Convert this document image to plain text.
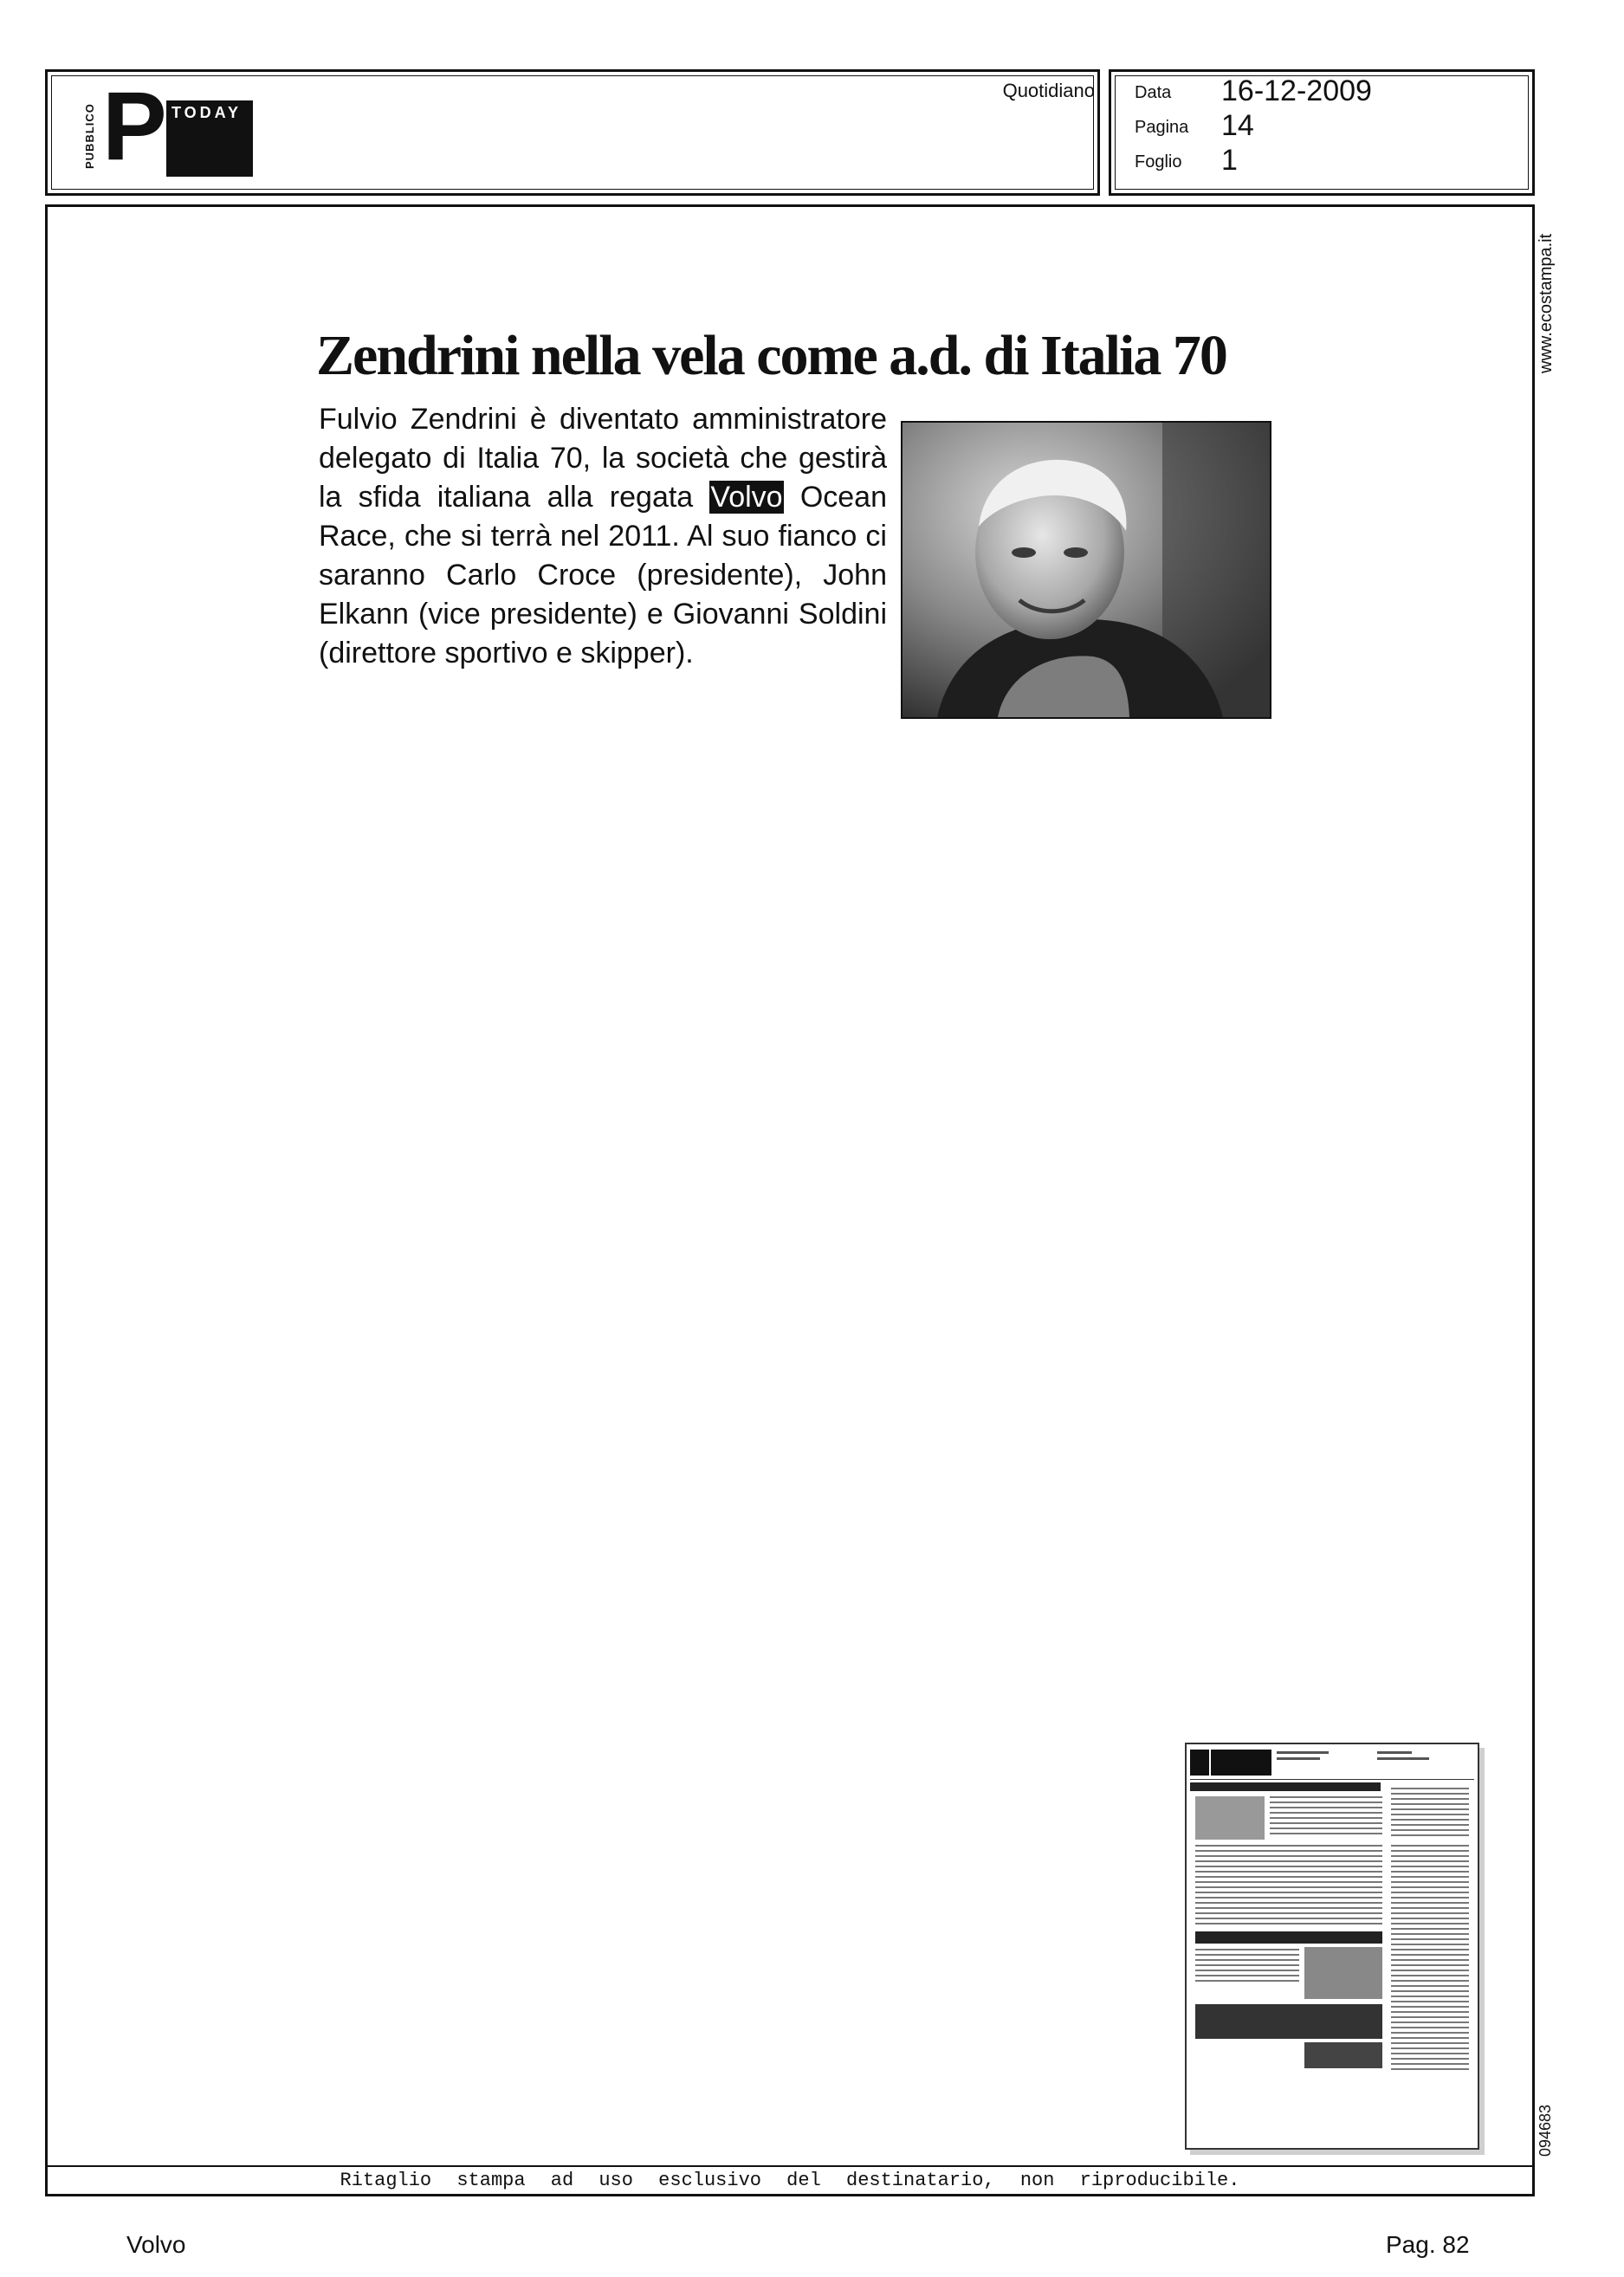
PUBBLICO P TODAY
Quotidiano Data 16-12-2009
Pagina 14
Foglio 1
Ritaglio stampa ad uso esclusivo del destinatario, non riproducibile.
www.ecostampa.it
094683
Zendrini nella vela come a.d. di Italia 70
Fulvio Zendrini è diventato amministratore delegato di Italia 70, la società che gestirà la sfida italiana alla regata Volvo Ocean Race, che si terrà nel 2011. Al suo fianco ci saranno Carlo Croce (presidente), John Elkann (vice presidente) e Giovanni Soldini (direttore sportivo e skipper).
Volvo	Pag. 82
